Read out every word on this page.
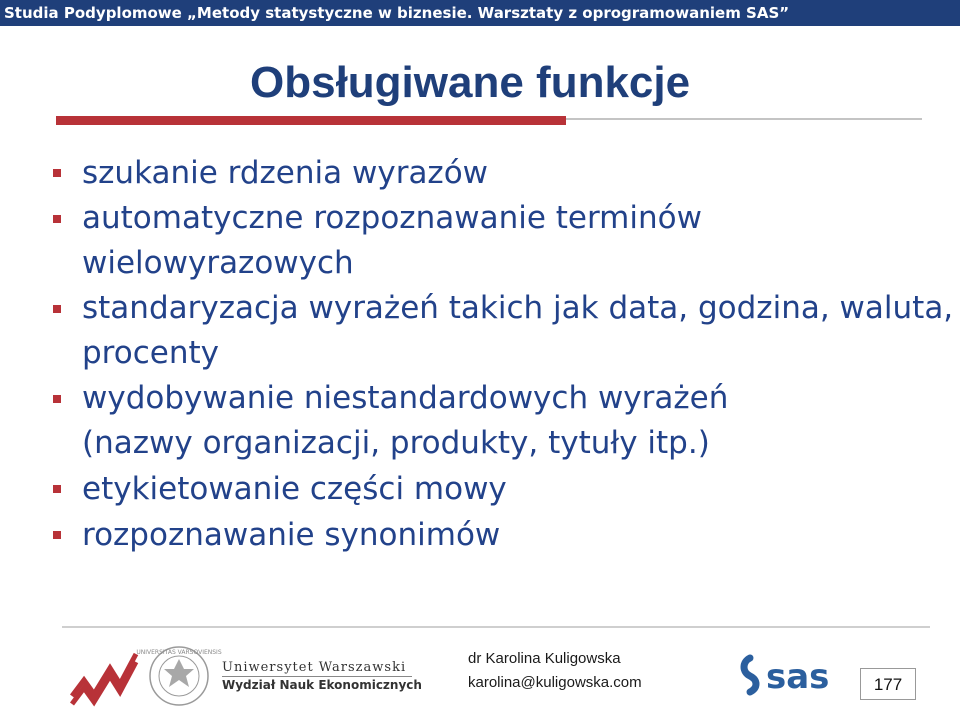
Studia Podyplomowe „Metody statystyczne w biznesie. Warsztaty z oprogramowaniem SAS”
Obsługiwane funkcje
szukanie rdzenia wyrazów
automatyczne rozpoznawanie terminów wielowyrazowych
standaryzacja wyrażeń takich jak data, godzina, waluta, procenty
wydobywanie niestandardowych wyrażeń (nazwy organizacji, produkty, tytuły itp.)
etykietowanie części mowy
rozpoznawanie synonimów
UNIVERSITAS VARSOVIENSIS
Uniwersytet Warszawski
Wydział Nauk Ekonomicznych
dr Karolina Kuligowska
karolina@kuligowska.com	sas	177
